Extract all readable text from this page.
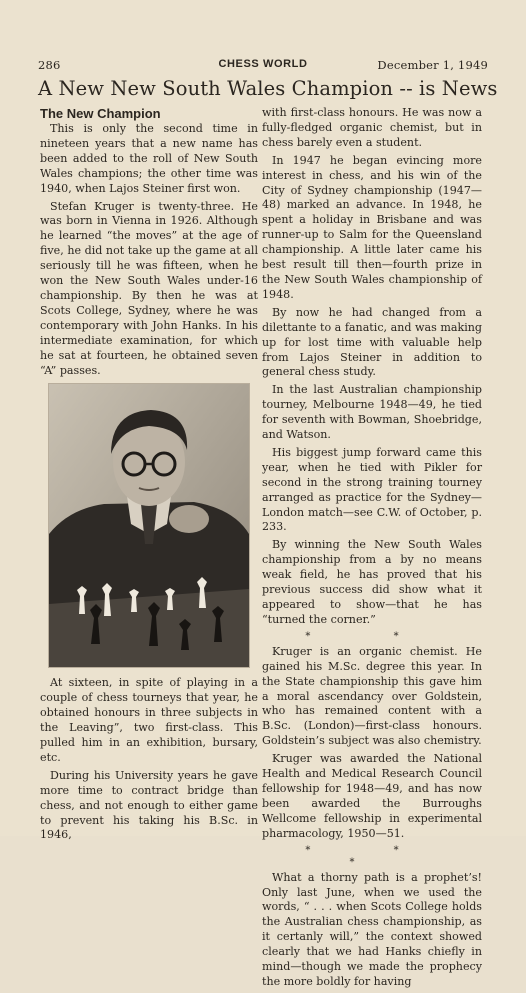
286	CHESS WORLD	December 1, 1949
A New New South Wales Champion -- is News
The New Champion

This is only the second time in nineteen years that a new name has been added to the roll of New South Wales champions; the other time was 1940, when Lajos Steiner first won.

Stefan Kruger is twenty-three. He was born in Vienna in 1926. Although he learned “the moves” at the age of five, he did not take up the game at all seriously till he was fifteen, when he won the New South Wales under-16 championship. By then he was at Scots College, Sydney, where he was contemporary with John Hanks. In his intermediate examination, for which he sat at fourteen, he obtained seven “A” passes.

At sixteen, in spite of playing in a couple of chess tourneys that year, he obtained honours in three subjects in the Leaving”, two first-class. This pulled him in an exhibition, bursary, etc.

During his University years he gave more time to contract bridge than chess, and not enough to either game to prevent his taking his B.Sc. in 1946,

with first-class honours. He was now a fully-fledged organic chemist, but in chess barely even a student.

In 1947 he began evincing more interest in chess, and his win of the City of Sydney championship (1947—48) marked an advance. In 1948, he spent a holiday in Brisbane and was runner-up to Salm for the Queensland championship. A little later came his best result till then—fourth prize in the New South Wales championship of 1948.

By now he had changed from a dilettante to a fanatic, and was making up for lost time with valuable help from Lajos Steiner in addition to general chess study.

In the last Australian championship tourney, Melbourne 1948—49, he tied for seventh with Bowman, Shoebridge, and Watson.

His biggest jump forward came this year, when he tied with Pikler for second in the strong training tourney arranged as practice for the Sydney—London match—see C.W. of October, p. 233.

By winning the New South Wales championship from a by no means weak field, he has proved that his previous success did show what it appeared to show—that he has “turned the corner.”

* *

Kruger is an organic chemist. He gained his M.Sc. degree this year. In the State championship this gave him a moral ascendancy over Goldstein, who has remained content with a B.Sc. (London)—first-class honours. Goldstein’s subject was also chemistry.

Kruger was awarded the National Health and Medical Research Council fellowship for 1948—49, and has now been awarded the Burroughs Wellcome fellowship in experimental pharmacology, 1950—51.

* * *

What a thorny path is a prophet’s! Only last June, when we used the words, “ . . . when Scots College holds the Australian chess championship, as it certanly will,” the context showed clearly that we had Hanks chiefly in mind—though we made the prophecy the more boldly for having
